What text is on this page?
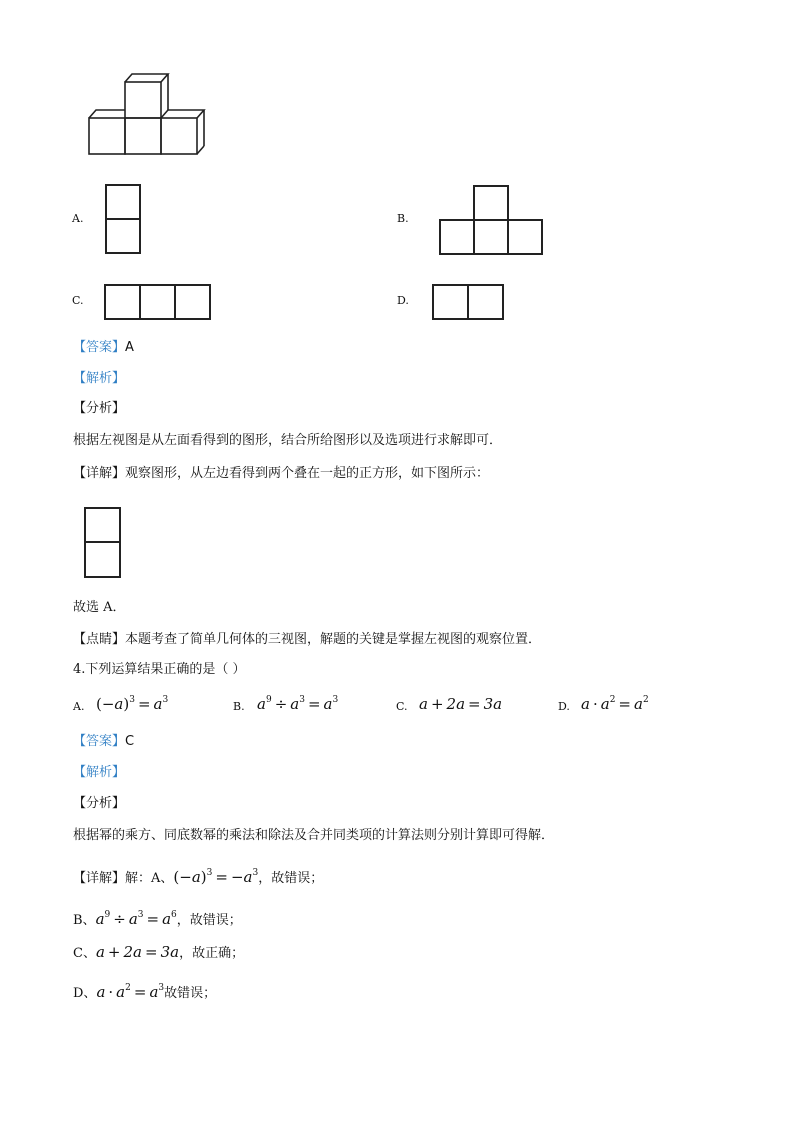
A.	B.
C.	D.
【答案】A
【解析】
【分析】
根据左视图是从左面看得到的图形，结合所给图形以及选项进行求解即可．
【详解】观察图形，从左边看得到两个叠在一起的正方形，如下图所示：
故选 A．
【点睛】本题考查了简单几何体的三视图，解题的关键是掌握左视图的观察位置．
4.下列运算结果正确的是（ ）
A. $(-a)^3 = a^3$	B. $a^9 \div a^3 = a^3$	C. a + 2a = 3a	D. $a \cdot a^2 = a^2$
【答案】C
【解析】
【分析】
根据幂的乘方、同底数幂的乘法和除法及合并同类项的计算法则分别计算即可得解．
【详解】解：A、$(-a)^3 = -a^3$，故错误；
B、$a^9 \div a^3 = a^6$，故错误；
C、a + 2a = 3a，故正确；
D、$a \cdot a^2 = a^3$故错误；
